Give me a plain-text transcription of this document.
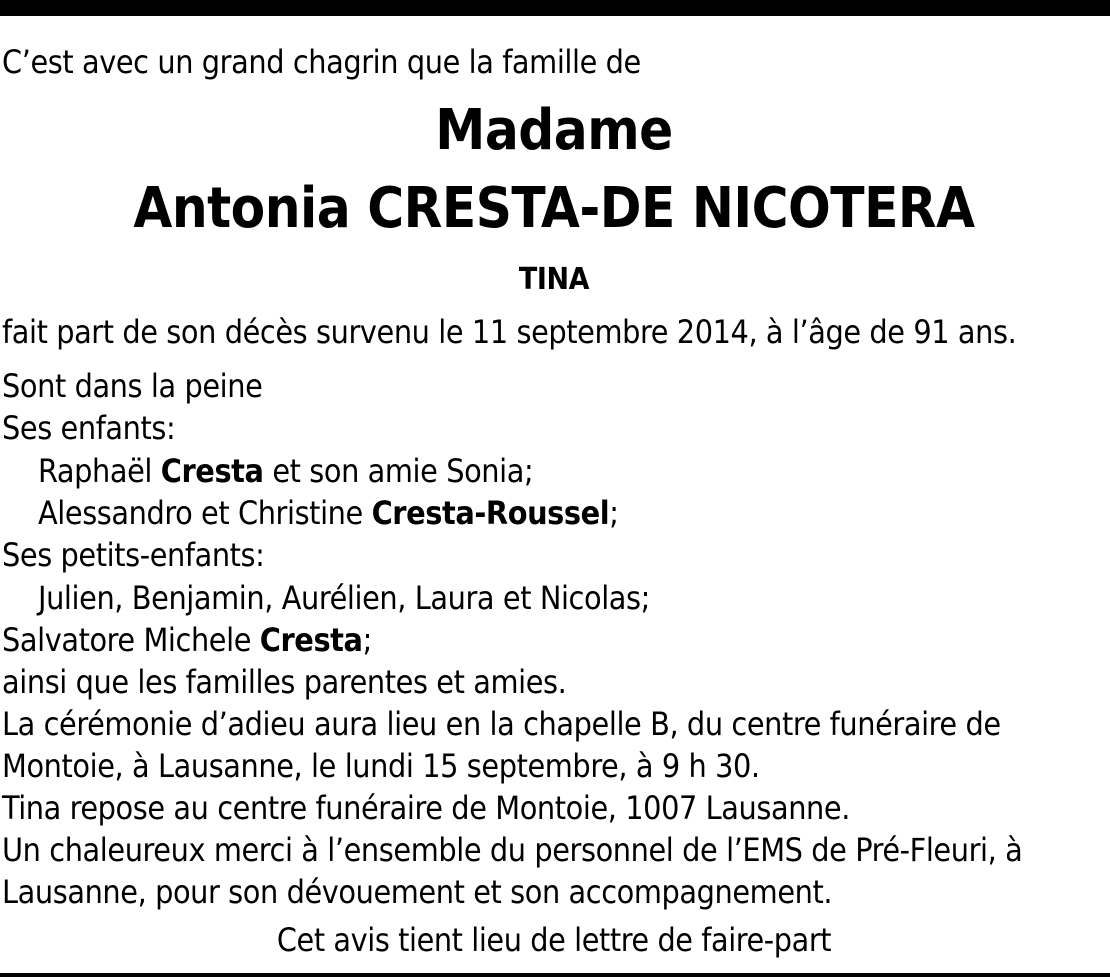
C’est avec un grand chagrin que la famille de
Madame
Antonia CRESTA-DE NICOTERA
TINA
fait part de son décès survenu le 11 septembre 2014, à l’âge de 91 ans.
Sont dans la peine
Ses enfants:
Raphaël Cresta et son amie Sonia;
Alessandro et Christine Cresta-Roussel;
Ses petits-enfants:
Julien, Benjamin, Aurélien, Laura et Nicolas;
Salvatore Michele Cresta;
ainsi que les familles parentes et amies.
La cérémonie d’adieu aura lieu en la chapelle B, du centre funéraire de
Montoie, à Lausanne, le lundi 15 septembre, à 9 h 30.
Tina repose au centre funéraire de Montoie, 1007 Lausanne.
Un chaleureux merci à l’ensemble du personnel de l’EMS de Pré-Fleuri, à
Lausanne, pour son dévouement et son accompagnement.
Cet avis tient lieu de lettre de faire-part
